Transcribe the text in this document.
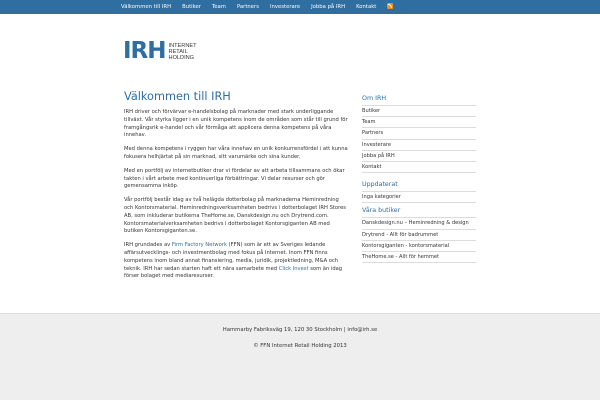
Välkommen till IRH Butiker Team Partners Investerare Jobba på IRH Kontakt
IRH INTERNET
RETAIL
HOLDING
Välkommen till IRH

IRH driver och förvärvar e-handelsbolag på marknader med stark underliggande tillväxt. Vår styrka ligger i en unik kompetens inom de områden som står till grund för framgångsrik e-handel och vår förmåga att applicera denna kompetens på våra innehav.

Med denna kompetens i ryggen har våra innehav en unik konkurrensfördel i att kunna fokusera helhjärtat på sin marknad, sitt varumärke och sina kunder.

Med en portfölj av internetbutiker drar vi fördelar av att arbeta tillsammans och ökar takten i vårt arbete med kontinuerliga förbättringar. Vi delar resurser och gör gemensamma inköp.

Vår portfölj består idag av två helägda dotterbolag på marknaderna Heminredning och Kontorsmaterial. Heminredningsverksamheten bedrivs i dotterbolaget IRH Stores AB, som inkluderar butikerna TheHome.se, Danskdesign.nu och Drytrend.com. Kontorsmaterialverksamheten bedrivs i dotterbolaget Kontorsgiganten AB med butiken Kontorsgiganten.se.

IRH grundades av Firm Factory Network (FFN) som är ett av Sveriges ledande affärsutvecklings- och investmentbolag med fokus på Internet. Inom FFN finns kompetens inom bland annat finansiering, media, juridik, projektledning, M&A och teknik. IRH har sedan starten haft ett nära samarbete med Click Invest som än idag förser bolaget med mediaresurser.

Om IRH
Butiker
Team
Partners
Investerare
Jobba på IRH
Kontakt
Uppdaterat
Inga kategorier
Våra butiker
Danskdesign.nu – Heminredning & design
Drytrend - Allt för badrummet
Kontorsgiganten - kontorsmaterial
TheHome.se - Allt för hemmet
Hammarby Fabriksväg 19, 120 30 Stockholm | info@irh.se
© FFN Internet Retail Holding 2013
